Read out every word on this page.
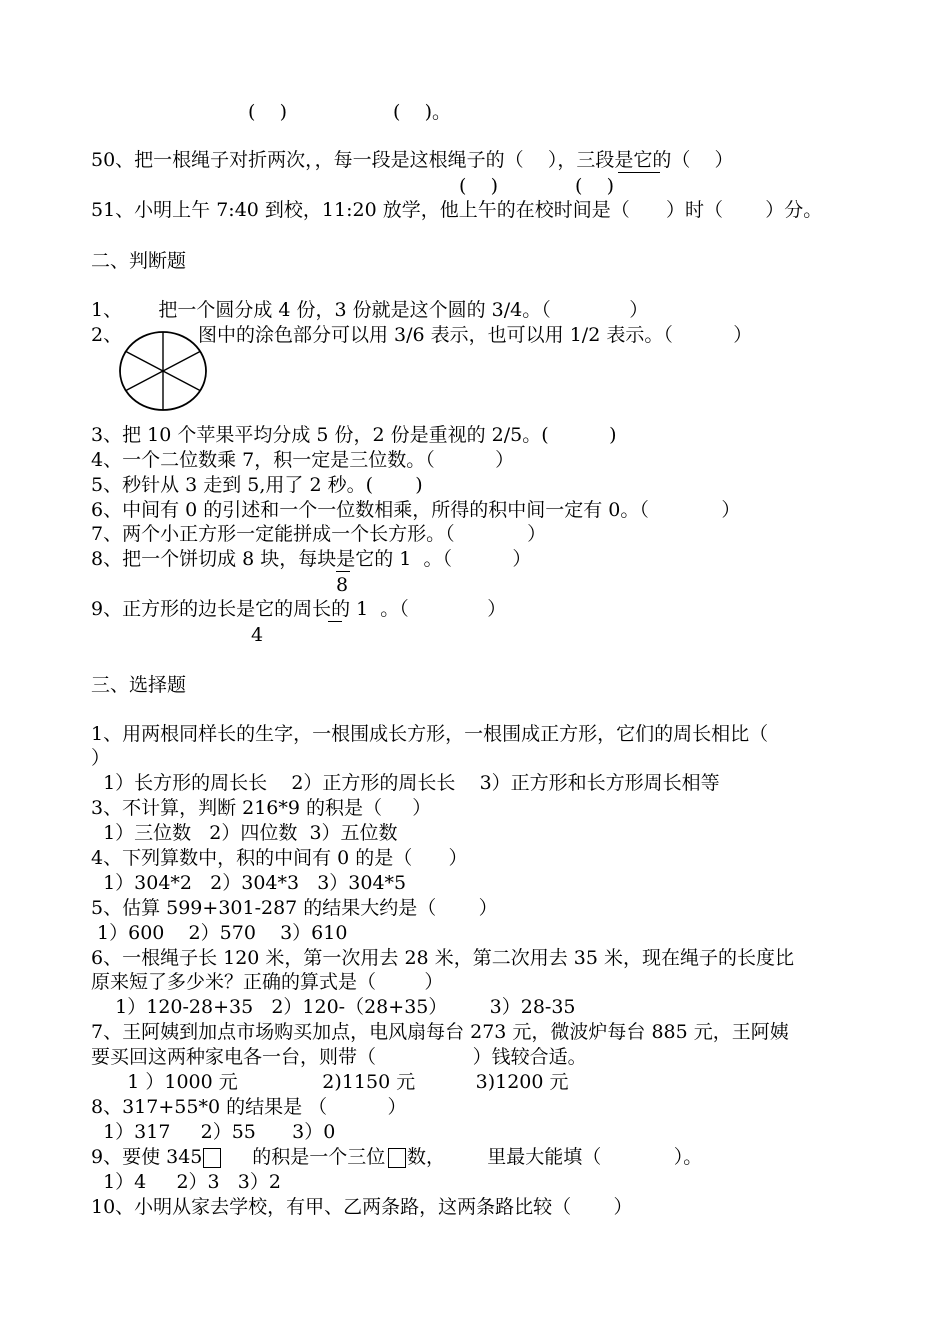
(    )	(    )。
50、把一根绳子对折两次，，每一段是这根绳子的（    ），三段是它的（    ）
(    )	(    )
51、小明上午 7:40 到校，11:20 放学，他上午的在校时间是（      ）时（       ）分。
二、判断题
1、      把一个圆分成 4 份，3 份就是这个圆的 3/4。（             ）
2、	图中的涂色部分可以用 3/6 表示，也可以用 1/2 表示。（          ）
3、把 10 个苹果平均分成 5 份，2 份是重视的 2/5。(          )
4、一个二位数乘 7，积一定是三位数。（          ）
5、秒针从 3 走到 5,用了 2 秒。(       )
6、中间有 0 的引述和一个一位数相乘，所得的积中间一定有 0。（            ）
7、两个小正方形一定能拼成一个长方形。（            ）
8、把一个饼切成 8 块，每块是它的 1  。（          ）
8
9、正方形的边长是它的周长的 1  。（             ）
4
三、选择题
1、用两根同样长的生字，一根围成长方形，一根围成正方形，它们的周长相比（
）
1）长方形的周长长    2）正方形的周长长    3）正方形和长方形周长相等
3、不计算，判断 216*9 的积是（     ）
1）三位数   2）四位数  3）五位数
4、下列算数中，积的中间有 0 的是（      ）
1）304*2   2）304*3   3）304*5
5、估算 599+301-287 的结果大约是（       ）
1）600    2）570    3）610
6、一根绳子长 120 米，第一次用去 28 米，第二次用去 35 米，现在绳子的长度比
原来短了多少米？正确的算式是（        ）
1）120-28+35   2）120-（28+35）       3）28-35
7、王阿姨到加点市场购买加点，电风扇每台 273 元，微波炉每台 885 元，王阿姨
要买回这两种家电各一台，则带（                ）钱较合适。
1 ）1000 元              2)1150 元          3)1200 元
8、317+55*0 的结果是 （          ）
1）317     2）55      3）0
9、要使 345 的积是一个三位 数，       里最大能填（            ）。
1）4     2）3   3）2
10、小明从家去学校，有甲、乙两条路，这两条路比较（       ）
